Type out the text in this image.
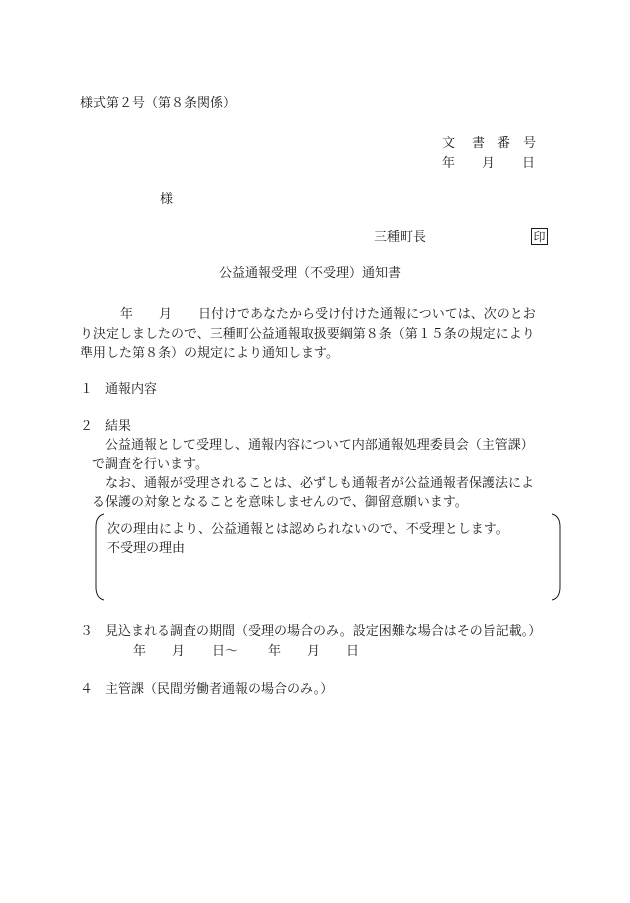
様式第２号（第８条関係）
文 書 番 号
年 月 日
様
三種町長	印
公益通報受理（不受理）通知書
年 月 日付けであなたから受け付けた通報については、次のとお
り決定しましたので、三種町公益通報取扱要綱第８条（第１５条の規定により
準用した第８条）の規定により通知します。
１ 通報内容
２ 結果
公益通報として受理し、通報内容について内部通報処理委員会（主管課）
で調査を行います。
なお、通報が受理されることは、必ずしも通報者が公益通報者保護法によ
る保護の対象となることを意味しませんので、御留意願います。
次の理由により、公益通報とは認められないので、不受理とします。
不受理の理由
３ 見込まれる調査の期間（受理の場合のみ。設定困難な場合はその旨記載。）
年 月 日～ 年 月 日
４ 主管課（民間労働者通報の場合のみ。）
